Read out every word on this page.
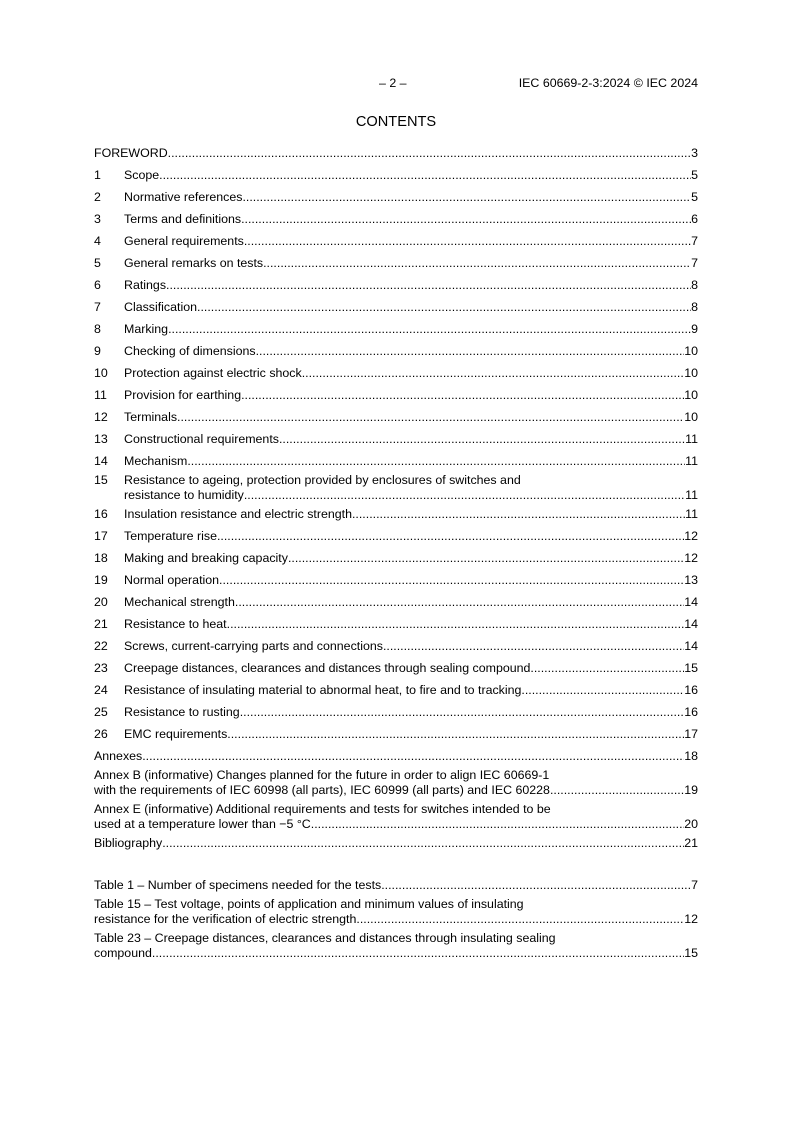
– 2 –	IEC 60669-2-3:2024 © IEC 2024
CONTENTS
FOREWORD .....	3
1	Scope .....	5
2	Normative references .....	5
3	Terms and definitions .....	6
4	General requirements .....	7
5	General remarks on tests .....	7
6	Ratings .....	8
7	Classification .....	8
8	Marking .....	9
9	Checking of dimensions .....	10
10	Protection against electric shock .....	10
11	Provision for earthing .....	10
12	Terminals .....	10
13	Constructional requirements .....	11
14	Mechanism .....	11
15	Resistance to ageing, protection provided by enclosures of switches and
resistance to humidity .....	11
16	Insulation resistance and electric strength .....	11
17	Temperature rise .....	12
18	Making and breaking capacity .....	12
19	Normal operation .....	13
20	Mechanical strength .....	14
21	Resistance to heat .....	14
22	Screws, current-carrying parts and connections .....	14
23	Creepage distances, clearances and distances through sealing compound .....	15
24	Resistance of insulating material to abnormal heat, to fire and to tracking .....	16
25	Resistance to rusting .....	16
26	EMC requirements .....	17
Annexes .....	18
Annex B (informative) Changes planned for the future in order to align IEC 60669-1
with the requirements of IEC 60998 (all parts), IEC 60999 (all parts) and IEC 60228 .....	19
Annex E (informative) Additional requirements and tests for switches intended to be
used at a temperature lower than −5 °C .....	20
Bibliography .....	21
Table 1 – Number of specimens needed for the tests .....	7
Table 15 – Test voltage, points of application and minimum values of insulating
resistance for the verification of electric strength .....	12
Table 23 – Creepage distances, clearances and distances through insulating sealing
compound .....	15
